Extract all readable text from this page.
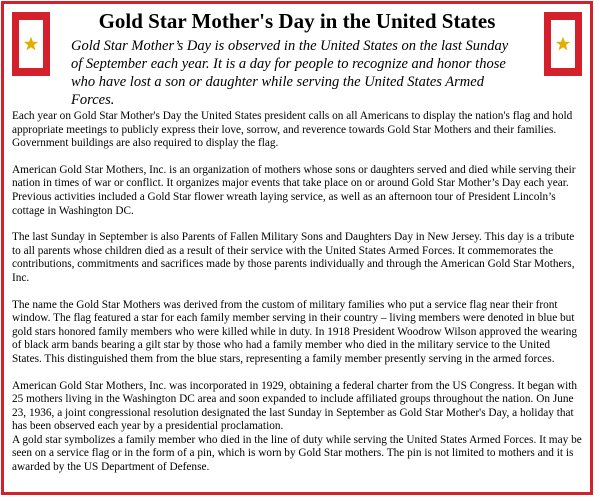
Gold Star Mother's Day in the United States

Gold Star Mother’s Day is observed in the United States on the last Sunday of September each year. It is a day for people to recognize and honor those who have lost a son or daughter while serving the United States Armed Forces.

Each year on Gold Star Mother's Day the United States president calls on all Americans to display the nation's flag and hold appropriate meetings to publicly express their love, sorrow, and reverence towards Gold Star Mothers and their families. Government buildings are also required to display the flag.

American Gold Star Mothers, Inc. is an organization of mothers whose sons or daughters served and died while serving their nation in times of war or conflict. It organizes major events that take place on or around Gold Star Mother’s Day each year. Previous activities included a Gold Star flower wreath laying service, as well as an afternoon tour of President Lincoln’s cottage in Washington DC.

The last Sunday in September is also Parents of Fallen Military Sons and Daughters Day in New Jersey. This day is a tribute to all parents whose children died as a result of their service with the United States Armed Forces. It commemorates the contributions, commitments and sacrifices made by those parents individually and through the American Gold Star Mothers, Inc.

The name the Gold Star Mothers was derived from the custom of military families who put a service flag near their front window. The flag featured a star for each family member serving in their country – living members were denoted in blue but gold stars honored family members who were killed while in duty. In 1918 President Woodrow Wilson approved the wearing of black arm bands bearing a gilt star by those who had a family member who died in the military service to the United States. This distinguished them from the blue stars, representing a family member presently serving in the armed forces.

American Gold Star Mothers, Inc. was incorporated in 1929, obtaining a federal charter from the US Congress. It began with 25 mothers living in the Washington DC area and soon expanded to include affiliated groups throughout the nation. On June 23, 1936, a joint congressional resolution designated the last Sunday in September as Gold Star Mother's Day, a holiday that has been observed each year by a presidential proclamation.

A gold star symbolizes a family member who died in the line of duty while serving the United States Armed Forces. It may be seen on a service flag or in the form of a pin, which is worn by Gold Star mothers. The pin is not limited to mothers and it is awarded by the US Department of Defense.
